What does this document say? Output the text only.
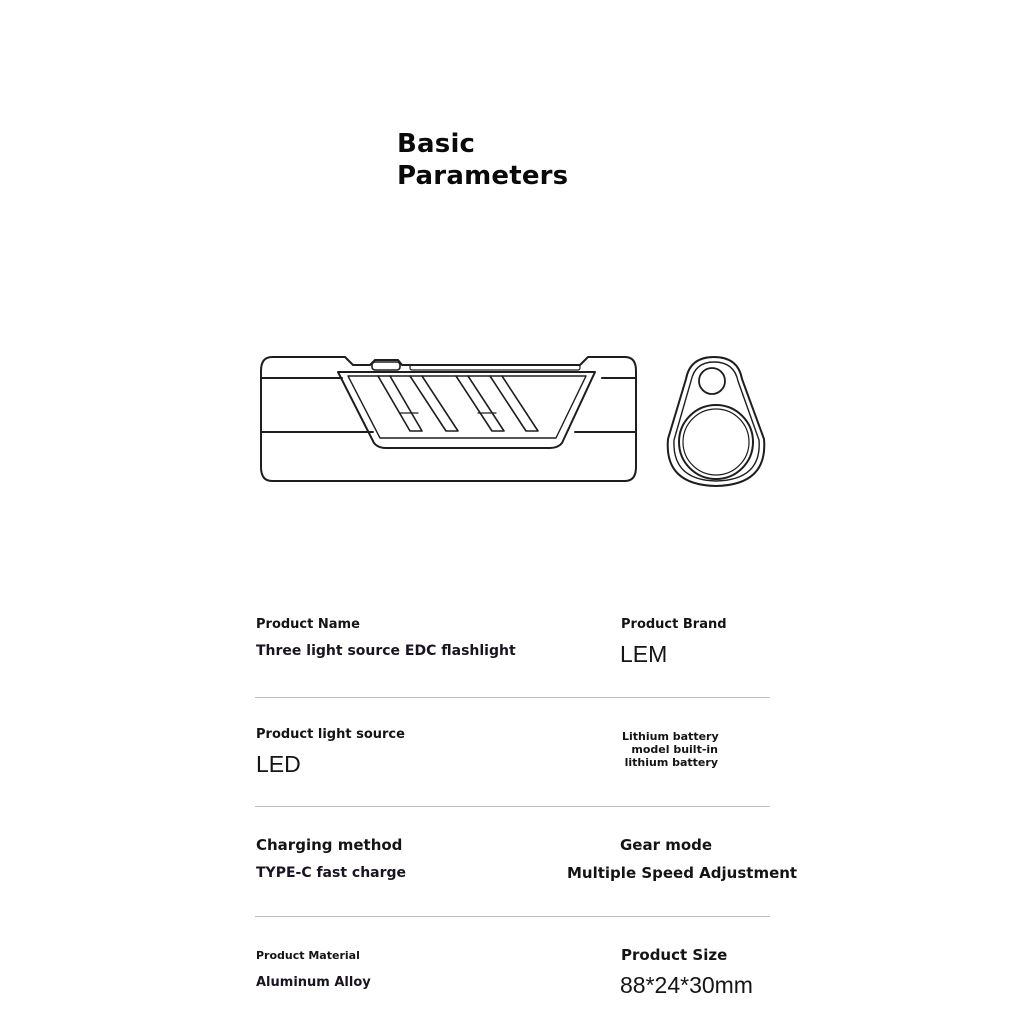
Basic
Parameters
Product Name
Three light source EDC flashlight
Product Brand
LEM
Product light source
LED
Lithium battery
model built-in
lithium battery
Charging method
TYPE-C fast charge
Gear mode
Multiple Speed Adjustment
Product Material
Aluminum Alloy
Product Size
88*24*30mm
